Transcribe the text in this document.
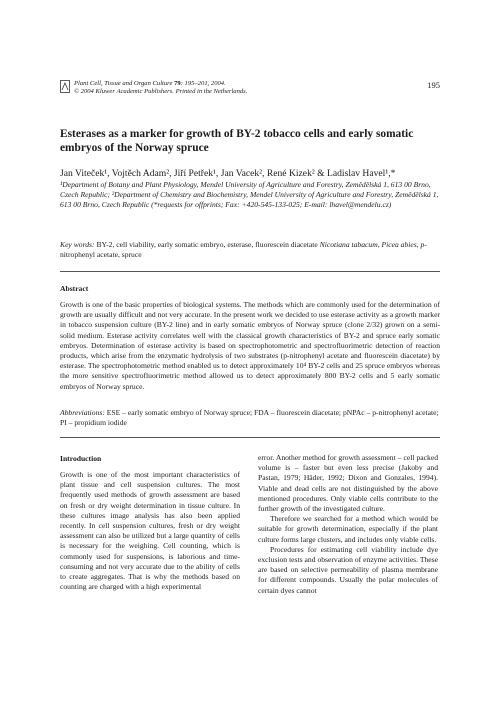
Plant Cell, Tissue and Organ Culture 79: 195–201, 2004.
© 2004 Kluwer Academic Publishers. Printed in the Netherlands.
195
Esterases as a marker for growth of BY-2 tobacco cells and early somatic embryos of the Norway spruce
Jan Viteček¹, Vojtěch Adam², Jiří Petřek¹, Jan Vacek², René Kizek² & Ladislav Havel¹,*
¹Department of Botany and Plant Physiology, Mendel University of Agriculture and Forestry, Zemědělská 1, 613 00 Brno, Czech Republic; ²Department of Chemistry and Biochemistry, Mendel University of Agriculture and Forestry, Zemědělská 1, 613 00 Brno, Czech Republic (*requests for offprints; Fax: +420-545-133-025; E-mail: lhavel@mendelu.cz)
Key words: BY-2, cell viability, early somatic embryo, esterase, fluorescein diacetate Nicotiana tabacum, Picea abies, p-nitrophenyl acetate, spruce
Abstract
Growth is one of the basic properties of biological systems. The methods which are commonly used for the determination of growth are usually difficult and not very accurate. In the present work we decided to use esterase activity as a growth marker in tobacco suspension culture (BY-2 line) and in early somatic embryos of Norway spruce (clone 2/32) grown on a semi-solid medium. Esterase activity correlates well with the classical growth characteristics of BY-2 and spruce early somatic embryos. Determination of esterase activity is based on spectrophotometric and spectrofluorimetric detection of reaction products, which arise from the enzymatic hydrolysis of two substrates (p-nitrophenyl acetate and fluorescein diacetate) by esterase. The spectrophotometric method enabled us to detect approximately 10⁴ BY-2 cells and 25 spruce embryos whereas the more sensitive spectrofluorimetric method allowed us to detect approximately 800 BY-2 cells and 5 early somatic embryos of Norway spruce.
Abbreviations: ESE – early somatic embryo of Norway spruce; FDA – fluorescein diacetate; pNPAc – p-nitrophenyl acetate; PI – propidium iodide
Introduction

Growth is one of the most important characteristics of plant tissue and cell suspension cultures. The most frequently used methods of growth assessment are based on fresh or dry weight determination in tissue culture. In these cultures image analysis has also been applied recently. In cell suspension cultures, fresh or dry weight assessment can also be utilized but a large quantity of cells is necessary for the weighing. Cell counting, which is commonly used for suspensions, is laborious and time-consuming and not very accurate due to the ability of cells to create aggregates. That is why the methods based on counting are charged with a high experimental

error. Another method for growth assessment – cell packed volume is – faster but even less precise (Jakoby and Pastan, 1979; Häder, 1992; Dixon and Gonzales, 1994). Viable and dead cells are not distinguished by the above mentioned procedures. Only viable cells contribute to the further growth of the investigated culture.

Therefore we searched for a method which would be suitable for growth determination, especially if the plant culture forms large clusters, and includes only viable cells.

Procedures for estimating cell viability include dye exclusion tests and observation of enzyme activities. These are based on selective permeability of plasma membrane for different compounds. Usually the polar molecules of certain dyes cannot
